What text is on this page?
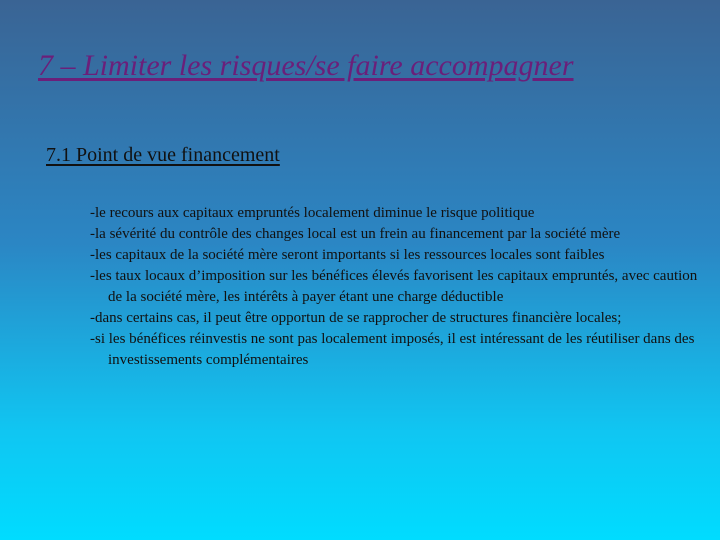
7 – Limiter les risques/se faire accompagner
7.1 Point de vue financement
-le recours aux capitaux empruntés localement diminue le risque politique
-la sévérité du contrôle des changes local est un frein au financement par la société mère
-les capitaux de la société mère seront importants si les ressources locales sont faibles
-les taux locaux d’imposition sur les bénéfices élevés favorisent les capitaux empruntés, avec caution de la société mère, les intérêts à payer étant une charge déductible
-dans certains cas, il peut être opportun de se rapprocher de structures financière locales;
-si les bénéfices réinvestis ne sont pas localement imposés, il est intéressant de les réutiliser dans des investissements complémentaires
